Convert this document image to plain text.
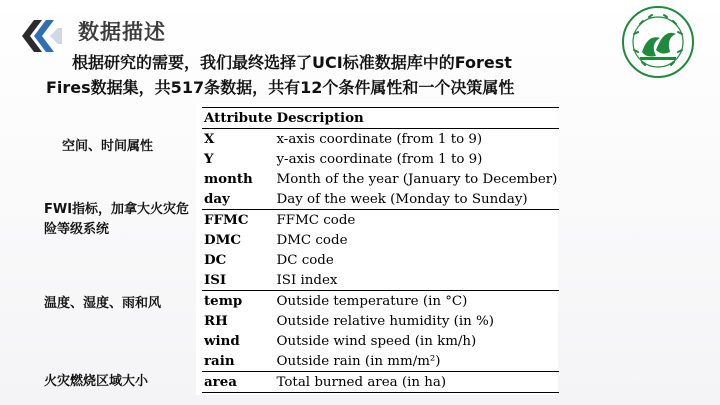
数据描述

根据研究的需要，我们最终选择了UCI标准数据库中的Forest

Fires数据集，共517条数据，共有12个条件属性和一个决策属性

空间、时间属性
FWI指标，加拿大火灾危险等级系统
温度、湿度、雨和风
火灾燃烧区域大小
Attribute	Description
X	x-axis coordinate (from 1 to 9)
Y	y-axis coordinate (from 1 to 9)
month	Month of the year (January to December)
day	Day of the week (Monday to Sunday)
FFMC	FFMC code
DMC	DMC code
DC	DC code
ISI	ISI index
temp	Outside temperature (in °C)
RH	Outside relative humidity (in %)
wind	Outside wind speed (in km/h)
rain	Outside rain (in mm/m²)
area	Total burned area (in ha)
